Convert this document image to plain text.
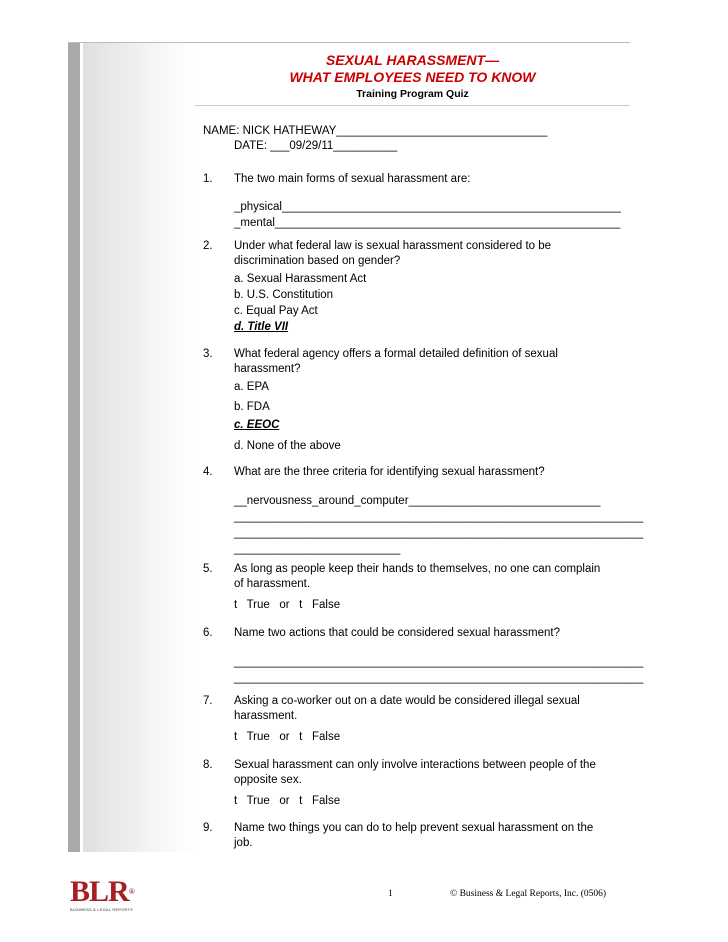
SEXUAL HARASSMENT—
WHAT EMPLOYEES NEED TO KNOW
Training Program Quiz
NAME: NICK HATHEWAY_________________________________
DATE: ___09/29/11__________
1. The two main forms of sexual harassment are:
_physical_____________________________________________________
_mental______________________________________________________
2. Under what federal law is sexual harassment considered to be
discrimination based on gender?
a. Sexual Harassment Act
b. U.S. Constitution
c. Equal Pay Act
d. Title VII
3. What federal agency offers a formal detailed definition of sexual
harassment?
a. EPA
b. FDA
c. EEOC
d. None of the above
4. What are the three criteria for identifying sexual harassment?
__nervousness_around_computer______________________________
________________________________________________________________
________________________________________________________________
__________________________
5. As long as people keep their hands to themselves, no one can complain
of harassment.
t   True   or   t   False
6. Name two actions that could be considered sexual harassment?
________________________________________________________________
________________________________________________________________
7. Asking a co-worker out on a date would be considered illegal sexual
harassment.
t   True   or   t   False
8. Sexual harassment can only involve interactions between people of the
opposite sex.
t   True   or   t   False
9. Name two things you can do to help prevent sexual harassment on the
job.
BLR®
BUSINESS & LEGAL REPORTS
1	© Business & Legal Reports, Inc. (0506)
